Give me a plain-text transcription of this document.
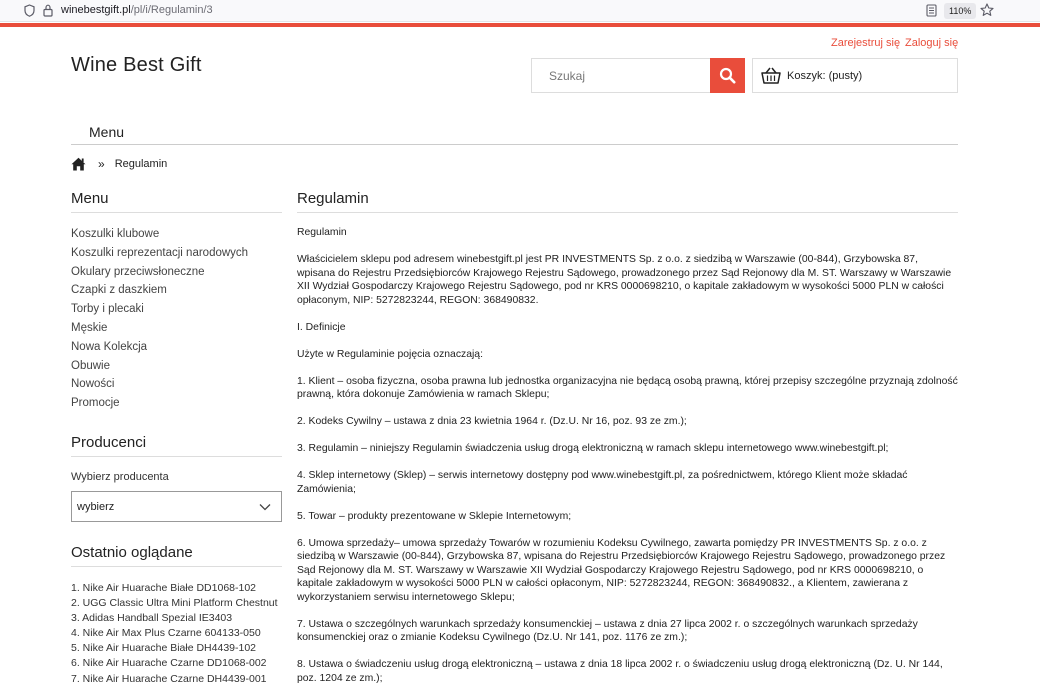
winebestgift.pl/pl/i/Regulamin/3	110%
Zarejestruj się Zaloguj się
Wine Best Gift
Szukaj	Koszyk: (pusty)
Menu
» Regulamin
Menu
Koszulki klubowe
Koszulki reprezentacji narodowych
Okulary przeciwsłoneczne
Czapki z daszkiem
Torby i plecaki
Męskie
Nowa Kolekcja
Obuwie
Nowości
Promocje
Producenci
Wybierz producenta
wybierz
Ostatnio oglądane
1. Nike Air Huarache Białe DD1068-102
2. UGG Classic Ultra Mini Platform Chestnut
3. Adidas Handball Spezial IE3403
4. Nike Air Max Plus Czarne 604133-050
5. Nike Air Huarache Białe DH4439-102
6. Nike Air Huarache Czarne DD1068-002
7. Nike Air Huarache Czarne DH4439-001
Regulamin

Regulamin

Właścicielem sklepu pod adresem winebestgift.pl jest PR INVESTMENTS Sp. z o.o. z siedzibą w Warszawie (00-844), Grzybowska 87, wpisana do Rejestru Przedsiębiorców Krajowego Rejestru Sądowego, prowadzonego przez Sąd Rejonowy dla M. ST. Warszawy w Warszawie XII Wydział Gospodarczy Krajowego Rejestru Sądowego, pod nr KRS 0000698210, o kapitale zakładowym w wysokości 5000 PLN w całości opłaconym, NIP: 5272823244, REGON: 368490832.

I. Definicje

Użyte w Regulaminie pojęcia oznaczają:

1. Klient – osoba fizyczna, osoba prawna lub jednostka organizacyjna nie będącą osobą prawną, której przepisy szczególne przyznają zdolność prawną, która dokonuje Zamówienia w ramach Sklepu;

2. Kodeks Cywilny – ustawa z dnia 23 kwietnia 1964 r. (Dz.U. Nr 16, poz. 93 ze zm.);

3. Regulamin – niniejszy Regulamin świadczenia usług drogą elektroniczną w ramach sklepu internetowego www.winebestgift.pl;

4. Sklep internetowy (Sklep) – serwis internetowy dostępny pod www.winebestgift.pl, za pośrednictwem, którego Klient może składać Zamówienia;

5. Towar – produkty prezentowane w Sklepie Internetowym;

6. Umowa sprzedaży– umowa sprzedaży Towarów w rozumieniu Kodeksu Cywilnego, zawarta pomiędzy PR INVESTMENTS Sp. z o.o. z siedzibą w Warszawie (00-844), Grzybowska 87, wpisana do Rejestru Przedsiębiorców Krajowego Rejestru Sądowego, prowadzonego przez Sąd Rejonowy dla M. ST. Warszawy w Warszawie XII Wydział Gospodarczy Krajowego Rejestru Sądowego, pod nr KRS 0000698210, o kapitale zakładowym w wysokości 5000 PLN w całości opłaconym, NIP: 5272823244, REGON: 368490832., a Klientem, zawierana z wykorzystaniem serwisu internetowego Sklepu;

7. Ustawa o szczególnych warunkach sprzedaży konsumenckiej – ustawa z dnia 27 lipca 2002 r. o szczególnych warunkach sprzedaży konsumenckiej oraz o zmianie Kodeksu Cywilnego (Dz.U. Nr 141, poz. 1176 ze zm.);

8. Ustawa o świadczeniu usług drogą elektroniczną – ustawa z dnia 18 lipca 2002 r. o świadczeniu usług drogą elektroniczną (Dz. U. Nr 144, poz. 1204 ze zm.);
